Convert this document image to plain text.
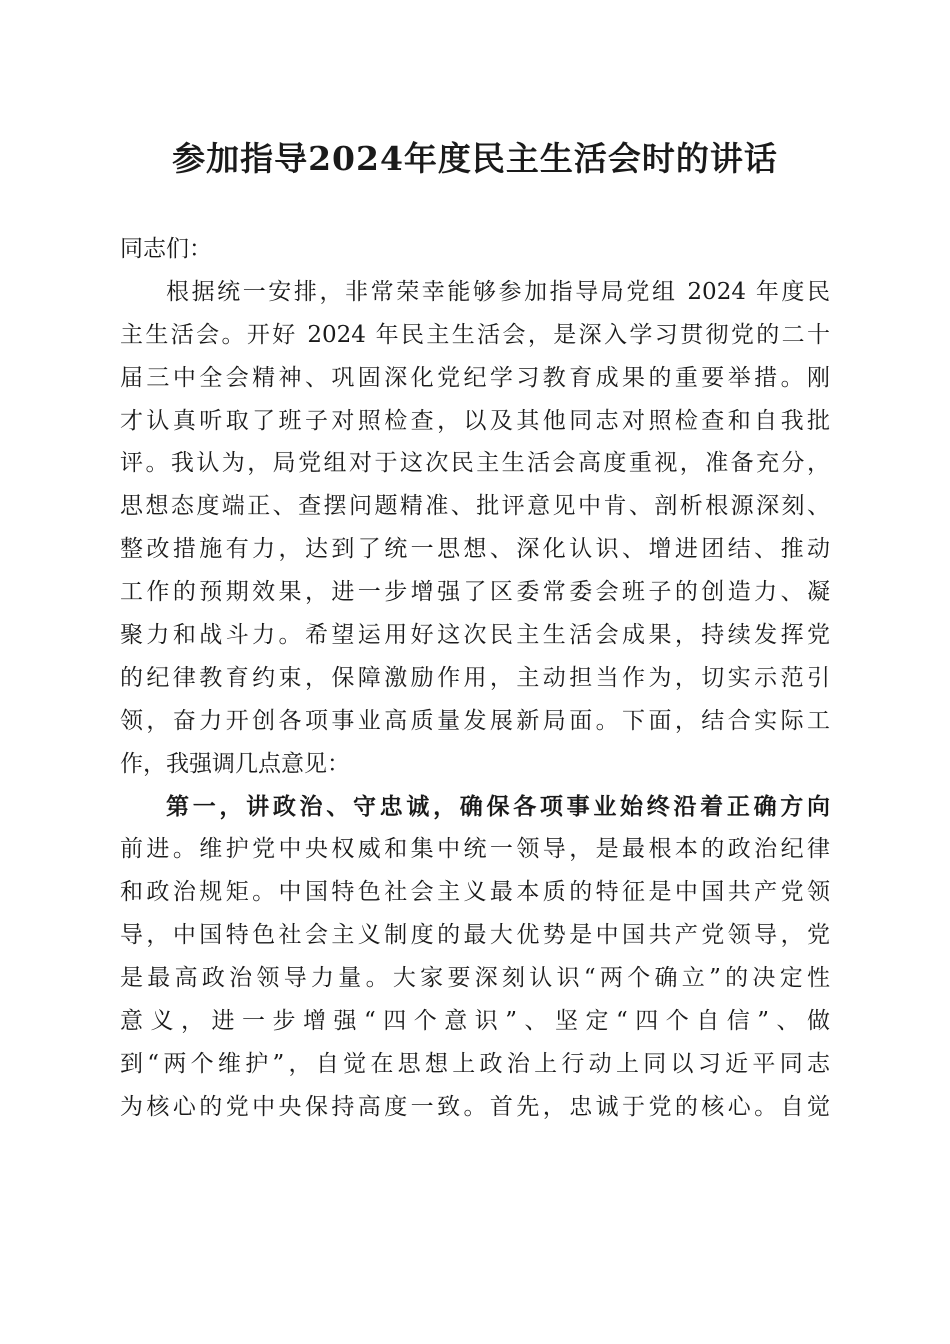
参加指导2024年度民主生活会时的讲话
同志们：
根据统一安排，非常荣幸能够参加指导局党组 2024 年度民
主生活会。开好 2024 年民主生活会，是深入学习贯彻党的二十
届三中全会精神、巩固深化党纪学习教育成果的重要举措。刚
才认真听取了班子对照检查，以及其他同志对照检查和自我批
评。我认为，局党组对于这次民主生活会高度重视，准备充分，
思想态度端正、查摆问题精准、批评意见中肯、剖析根源深刻、
整改措施有力，达到了统一思想、深化认识、增进团结、推动
工作的预期效果，进一步增强了区委常委会班子的创造力、凝
聚力和战斗力。希望运用好这次民主生活会成果，持续发挥党
的纪律教育约束，保障激励作用，主动担当作为，切实示范引
领，奋力开创各项事业高质量发展新局面。下面，结合实际工
作，我强调几点意见：
第一，讲政治、守忠诚，确保各项事业始终沿着正确方向
前进。维护党中央权威和集中统一领导，是最根本的政治纪律
和政治规矩。中国特色社会主义最本质的特征是中国共产党领
导，中国特色社会主义制度的最大优势是中国共产党领导，党
是最高政治领导力量。大家要深刻认识“两个确立”的决定性
意义，进一步增强“四个意识”、坚定“四个自信”、做
到“两个维护”，自觉在思想上政治上行动上同以习近平同志
为核心的党中央保持高度一致。首先，忠诚于党的核心。自觉
